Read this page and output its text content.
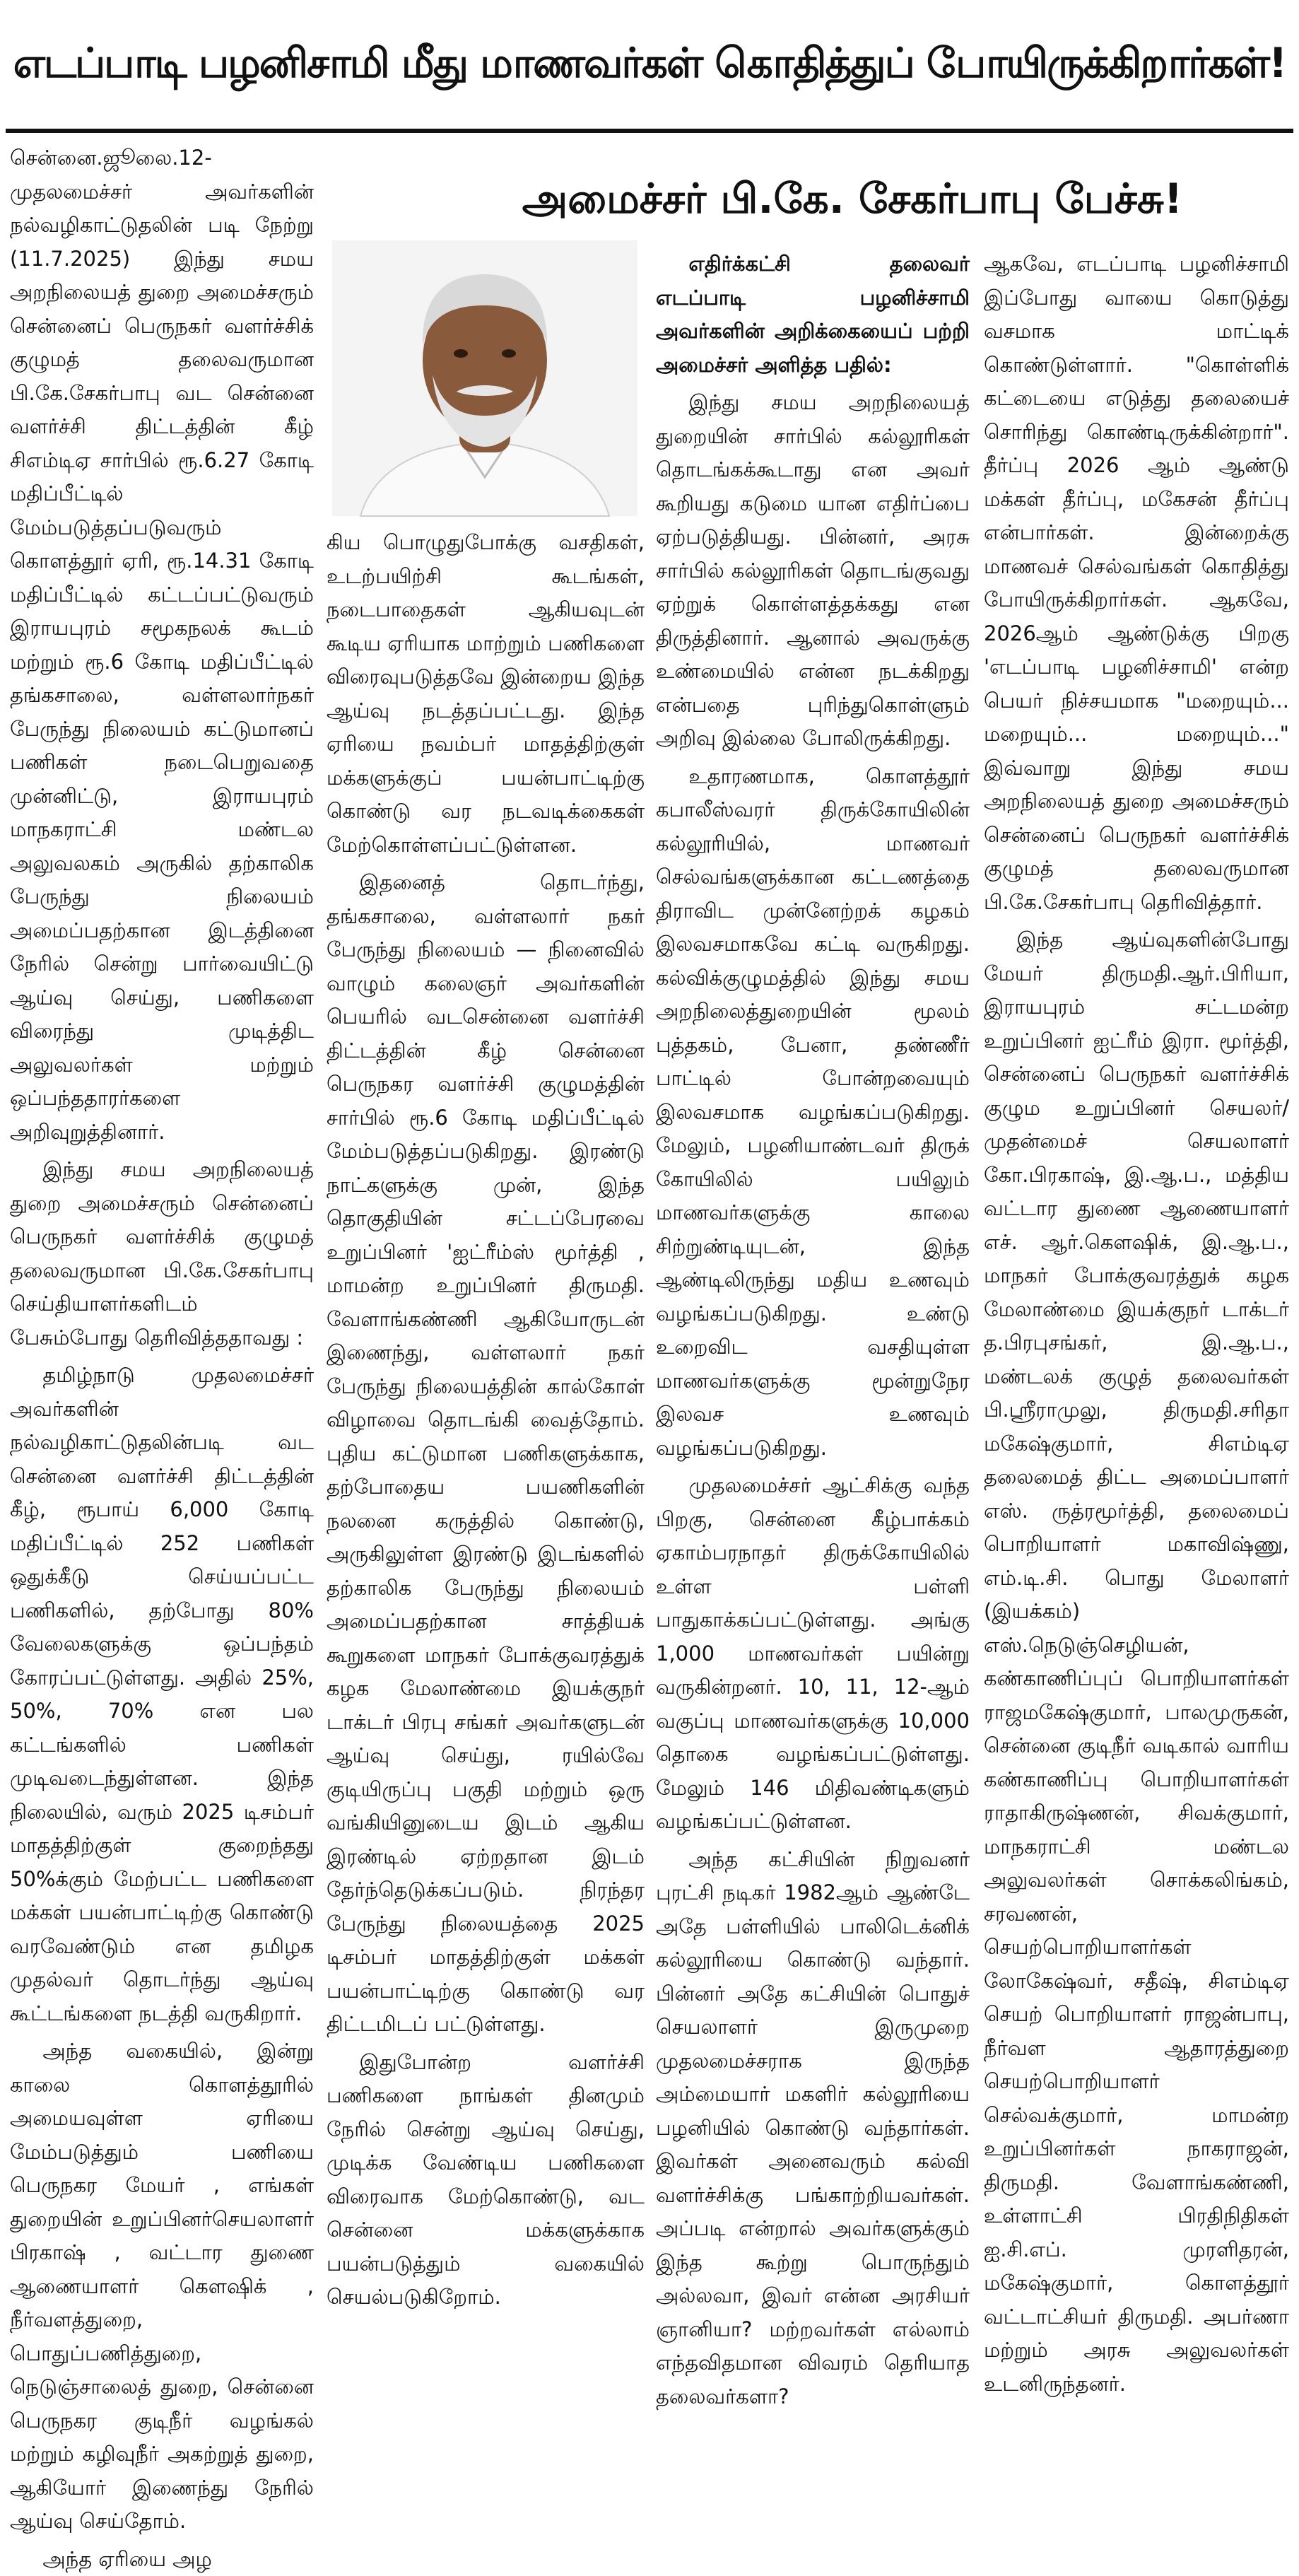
எடப்பாடி பழனிசாமி மீது மாணவர்கள் கொதித்துப் போயிருக்கிறார்கள்!
அமைச்சர் பி.கே. சேகர்பாபு பேச்சு!

சென்னை.ஜூலை.12- முதலமைச்சர் அவர்களின் நல்வழிகாட்டுதலின் படி நேற்று (11.7.2025) இந்து சமய அறநிலையத் துறை அமைச்சரும் சென்னைப் பெருநகர் வளர்ச்சிக் குழுமத் தலைவருமான பி.கே.சேகர்பாபு வட சென்னை வளர்ச்சி திட்டத்தின் கீழ் சிஎம்டிஏ சார்பில் ரூ.6.27 கோடி மதிப்பீட்டில் மேம்படுத்தப்படுவரும் கொளத்தூர் ஏரி, ரூ.14.31 கோடி மதிப்பீட்டில் கட்டப்பட்டுவரும் இராயபுரம் சமூகநலக் கூடம் மற்றும் ரூ.6 கோடி மதிப்பீட்டில் தங்கசாலை, வள்ளலார்நகர் பேருந்து நிலையம் கட்டுமானப் பணிகள் நடைபெறுவதை முன்னிட்டு, இராயபுரம் மாநகராட்சி மண்டல அலுவலகம் அருகில் தற்காலிக பேருந்து நிலையம் அமைப்பதற்கான இடத்தினை நேரில் சென்று பார்வையிட்டு ஆய்வு செய்து, பணிகளை விரைந்து முடித்திட அலுவலர்கள் மற்றும் ஒப்பந்ததாரர்களை அறிவுறுத்தினார்.

இந்து சமய அறநிலையத் துறை அமைச்சரும் சென்னைப் பெருநகர் வளர்ச்சிக் குழுமத் தலைவருமான பி.கே.சேகர்பாபு செய்தியாளர்களிடம் பேசும்போது தெரிவித்ததாவது :

தமிழ்நாடு முதலமைச்சர் அவர்களின் நல்வழிகாட்டுதலின்படி வட சென்னை வளர்ச்சி திட்டத்தின் கீழ், ரூபாய் 6,000 கோடி மதிப்பீட்டில் 252 பணிகள் ஒதுக்கீடு செய்யப்பட்ட பணிகளில், தற்போது 80% வேலைகளுக்கு ஒப்பந்தம் கோரப்பட்டுள்ளது. அதில் 25%, 50%, 70% என பல கட்டங்களில் பணிகள் முடிவடைந்துள்ளன. இந்த நிலையில், வரும் 2025 டிசம்பர் மாதத்திற்குள் குறைந்தது 50%க்கும் மேற்பட்ட பணிகளை மக்கள் பயன்பாட்டிற்கு கொண்டு வரவேண்டும் என தமிழக முதல்வர் தொடர்ந்து ஆய்வு கூட்டங்களை நடத்தி வருகிறார்.

அந்த வகையில், இன்று காலை கொளத்தூரில் அமையவுள்ள ஏரியை மேம்படுத்தும் பணியை பெருநகர மேயர் , எங்கள் துறையின் உறுப்பினர்செயலாளர் பிரகாஷ் , வட்டார துணை ஆணையாளர் கௌஷிக் , நீர்வளத்துறை, பொதுப்பணித்துறை, நெடுஞ்சாலைத் துறை, சென்னை பெருநகர குடிநீர் வழங்கல் மற்றும் கழிவுநீர் அகற்றுத் துறை, ஆகியோர் இணைந்து நேரில் ஆய்வு செய்தோம்.

அந்த ஏரியை அழ

கிய பொழுதுபோக்கு வசதிகள், உடற்பயிற்சி கூடங்கள், நடைபாதைகள் ஆகியவுடன் கூடிய ஏரியாக மாற்றும் பணிகளை விரைவுபடுத்தவே இன்றைய இந்த ஆய்வு நடத்தப்பட்டது. இந்த ஏரியை நவம்பர் மாதத்திற்குள் மக்களுக்குப் பயன்பாட்டிற்கு கொண்டு வர நடவடிக்கைகள் மேற்கொள்ளப்பட்டுள்ளன.

இதனைத் தொடர்ந்து, தங்கசாலை, வள்ளலார் நகர் பேருந்து நிலையம் — நினைவில் வாழும் கலைஞர் அவர்களின் பெயரில் வடசென்னை வளர்ச்சி திட்டத்தின் கீழ் சென்னை பெருநகர வளர்ச்சி குழுமத்தின் சார்பில் ரூ.6 கோடி மதிப்பீட்டில் மேம்படுத்தப்படுகிறது. இரண்டு நாட்களுக்கு முன், இந்த தொகுதியின் சட்டப்பேரவை உறுப்பினர் 'ஐட்ரீம்ஸ் மூர்த்தி , மாமன்ற உறுப்பினர் திருமதி. வேளாங்கண்ணி ஆகியோருடன் இணைந்து, வள்ளலார் நகர் பேருந்து நிலையத்தின் கால்கோள் விழாவை தொடங்கி வைத்தோம். புதிய கட்டுமான பணிகளுக்காக, தற்போதைய பயணிகளின் நலனை கருத்தில் கொண்டு, அருகிலுள்ள இரண்டு இடங்களில் தற்காலிக பேருந்து நிலையம் அமைப்பதற்கான சாத்தியக் கூறுகளை மாநகர் போக்குவரத்துக் கழக மேலாண்மை இயக்குநர் டாக்டர் பிரபு சங்கர் அவர்களுடன் ஆய்வு செய்து, ரயில்வே குடியிருப்பு பகுதி மற்றும் ஒரு வங்கியினுடைய இடம் ஆகிய இரண்டில் ஏற்றதான இடம் தேர்ந்தெடுக்கப்படும். நிரந்தர பேருந்து நிலையத்தை 2025 டிசம்பர் மாதத்திற்குள் மக்கள் பயன்பாட்டிற்கு கொண்டு வர திட்டமிடப் பட்டுள்ளது.

இதுபோன்ற வளர்ச்சி பணிகளை நாங்கள் தினமும் நேரில் சென்று ஆய்வு செய்து, முடிக்க வேண்டிய பணிகளை விரைவாக மேற்கொண்டு, வட சென்னை மக்களுக்காக பயன்படுத்தும் வகையில் செயல்படுகிறோம்.

எதிர்க்கட்சி தலைவர் எடப்பாடி பழனிச்சாமி அவர்களின் அறிக்கையைப் பற்றி அமைச்சர் அளித்த பதில்:

இந்து சமய அறநிலையத் துறையின் சார்பில் கல்லூரிகள் தொடங்கக்கூடாது என அவர் கூறியது கடுமை யான எதிர்ப்பை ஏற்படுத்தியது. பின்னர், அரசு சார்பில் கல்லூரிகள் தொடங்குவது ஏற்றுக் கொள்ளத்தக்கது என திருத்தினார். ஆனால் அவருக்கு உண்மையில் என்ன நடக்கிறது என்பதை புரிந்துகொள்ளும் அறிவு இல்லை போலிருக்கிறது.

உதாரணமாக, கொளத்தூர் கபாலீஸ்வரர் திருக்கோயிலின் கல்லூரியில், மாணவர் செல்வங்களுக்கான கட்டணத்தை திராவிட முன்னேற்றக் கழகம் இலவசமாகவே கட்டி வருகிறது. கல்விக்குழுமத்தில் இந்து சமய அறநிலைத்துறையின் மூலம் புத்தகம், பேனா, தண்ணீர் பாட்டில் போன்றவையும் இலவசமாக வழங்கப்படுகிறது. மேலும், பழனியாண்டவர் திருக் கோயிலில் பயிலும் மாணவர்களுக்கு காலை சிற்றுண்டியுடன், இந்த ஆண்டிலிருந்து மதிய உணவும் வழங்கப்படுகிறது. உண்டு உறைவிட வசதியுள்ள மாணவர்களுக்கு மூன்றுநேர இலவச உணவும் வழங்கப்படுகிறது.

முதலமைச்சர் ஆட்சிக்கு வந்த பிறகு, சென்னை கீழ்பாக்கம் ஏகாம்பரநாதர் திருக்கோயிலில் உள்ள பள்ளி பாதுகாக்கப்பட்டுள்ளது. அங்கு 1,000 மாணவர்கள் பயின்று வருகின்றனர். 10, 11, 12-ஆம் வகுப்பு மாணவர்களுக்கு 10,000 தொகை வழங்கப்பட்டுள்ளது. மேலும் 146 மிதிவண்டிகளும் வழங்கப்பட்டுள்ளன.

அந்த கட்சியின் நிறுவனர் புரட்சி நடிகர் 1982ஆம் ஆண்டே அதே பள்ளியில் பாலிடெக்னிக் கல்லூரியை கொண்டு வந்தார். பின்னர் அதே கட்சியின் பொதுச் செயலாளர் இருமுறை முதலமைச்சராக இருந்த அம்மையார் மகளிர் கல்லூரியை பழனியில் கொண்டு வந்தார்கள். இவர்கள் அனைவரும் கல்வி வளர்ச்சிக்கு பங்காற்றியவர்கள். அப்படி என்றால் அவர்களுக்கும் இந்த கூற்று பொருந்தும் அல்லவா, இவர் என்ன அரசியர் ஞானியா? மற்றவர்கள் எல்லாம் எந்தவிதமான விவரம் தெரியாத தலைவர்களா?

ஆகவே, எடப்பாடி பழனிச்சாமி இப்போது வாயை கொடுத்து வசமாக மாட்டிக் கொண்டுள்ளார். "கொள்ளிக் கட்டையை எடுத்து தலையைச் சொரிந்து கொண்டிருக்கின்றார்". தீர்ப்பு 2026 ஆம் ஆண்டு மக்கள் தீர்ப்பு, மகேசன் தீர்ப்பு என்பார்கள். இன்றைக்கு மாணவச் செல்வங்கள் கொதித்து போயிருக்கிறார்கள். ஆகவே, 2026ஆம் ஆண்டுக்கு பிறகு 'எடப்பாடி பழனிச்சாமி' என்ற பெயர் நிச்சயமாக "மறையும்... மறையும்... மறையும்..." இவ்வாறு இந்து சமய அறநிலையத் துறை அமைச்சரும் சென்னைப் பெருநகர் வளர்ச்சிக் குழுமத் தலைவருமான பி.கே.சேகர்பாபு தெரிவித்தார்.

இந்த ஆய்வுகளின்போது மேயர் திருமதி.ஆர்.பிரியா, இராயபுரம் சட்டமன்ற உறுப்பினர் ஐட்ரீம் இரா. மூர்த்தி, சென்னைப் பெருநகர் வளர்ச்சிக் குழும உறுப்பினர் செயலர்/முதன்மைச் செயலாளர் கோ.பிரகாஷ், இ.ஆ.ப., மத்திய வட்டார துணை ஆணையாளர் எச். ஆர்.கௌஷிக், இ.ஆ.ப., மாநகர் போக்குவரத்துக் கழக மேலாண்மை இயக்குநர் டாக்டர் த.பிரபுசங்கர், இ.ஆ.ப., மண்டலக் குழுத் தலைவர்கள் பி.ஸ்ரீராமுலு, திருமதி.சரிதா மகேஷ்குமார், சிஎம்டிஏ தலைமைத் திட்ட அமைப்பாளர் எஸ். ருத்ரமூர்த்தி, தலைமைப் பொறியாளர் மகாவிஷ்ணு, எம்.டி.சி. பொது மேலாளர் (இயக்கம்) எஸ்.நெடுஞ்செழியன், கண்காணிப்புப் பொறியாளர்கள் ராஜமகேஷ்குமார், பாலமுருகன், சென்னை குடிநீர் வடிகால் வாரிய கண்காணிப்பு பொறியாளர்கள் ராதாகிருஷ்ணன், சிவக்குமார், மாநகராட்சி மண்டல அலுவலர்கள் சொக்கலிங்கம், சரவணன், செயற்பொறியாளர்கள் லோகேஷ்வர், சதீஷ், சிஎம்டிஏ செயற் பொறியாளர் ராஜன்பாபு, நீர்வள ஆதாரத்துறை செயற்பொறியாளர் செல்வக்குமார், மாமன்ற உறுப்பினர்கள் நாகராஜன், திருமதி. வேளாங்கண்ணி, உள்ளாட்சி பிரதிநிதிகள் ஐ.சி.எப். முரளிதரன், மகேஷ்குமார், கொளத்தூர் வட்டாட்சியர் திருமதி. அபர்ணா மற்றும் அரசு அலுவலர்கள் உடனிருந்தனர்.
